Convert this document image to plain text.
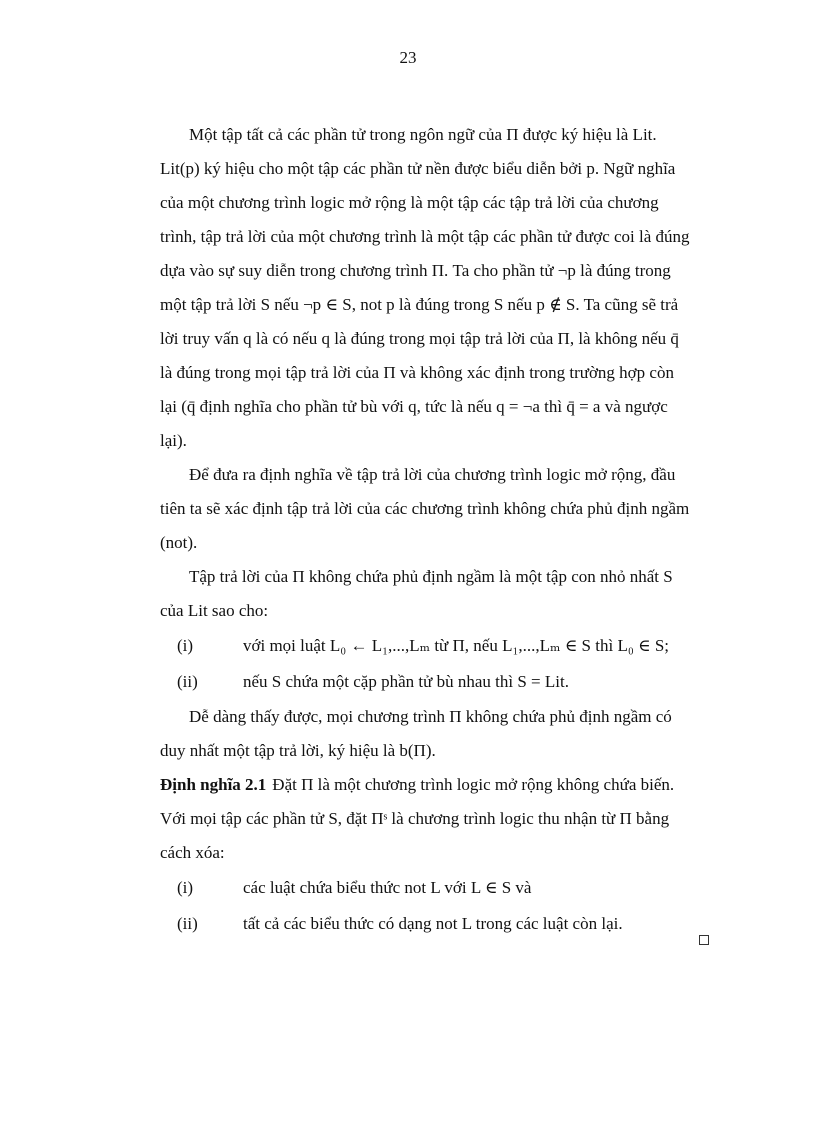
23
Một tập tất cả các phần tử trong ngôn ngữ của Π được ký hiệu là Lit.
Lit(p) ký hiệu cho một tập các phần tử nền được biểu diễn bởi p. Ngữ nghĩa
của một chương trình logic mở rộng là một tập các tập trả lời của chương
trình, tập trả lời của một chương trình là một tập các phần tử được coi là đúng
dựa vào sự suy diễn trong chương trình Π. Ta cho phần tử ¬p là đúng trong
một tập trả lời S nếu ¬p ∈ S, not p là đúng trong S nếu p ∉ S. Ta cũng sẽ trả
lời truy vấn q là có nếu q là đúng trong mọi tập trả lời của Π, là không nếu q̄
là đúng trong mọi tập trả lời của Π và không xác định trong trường hợp còn
lại (q̄ định nghĩa cho phần tử bù với q, tức là nếu q = ¬a thì q̄ = a và ngược
lại).
Để đưa ra định nghĩa về tập trả lời của chương trình logic mở rộng, đầu
tiên ta sẽ xác định tập trả lời của các chương trình không chứa phủ định ngầm
(not).
Tập trả lời của Π không chứa phủ định ngầm là một tập con nhỏ nhất S
của Lit sao cho:
(i)	với mọi luật L₀ ← L₁,...,Lₘ từ Π, nếu L₁,...,Lₘ ∈ S thì L₀ ∈ S;
(ii)	nếu S chứa một cặp phần tử bù nhau thì S = Lit.
Dễ dàng thấy được, mọi chương trình Π không chứa phủ định ngầm có
duy nhất một tập trả lời, ký hiệu là b(Π).
Định nghĩa 2.1 Đặt Π là một chương trình logic mở rộng không chứa biến.
Với mọi tập các phần tử S, đặt Πˢ là chương trình logic thu nhận từ Π bằng
cách xóa:
(i)	các luật chứa biểu thức not L với L ∈ S và
(ii)	tất cả các biểu thức có dạng not L trong các luật còn lại.
